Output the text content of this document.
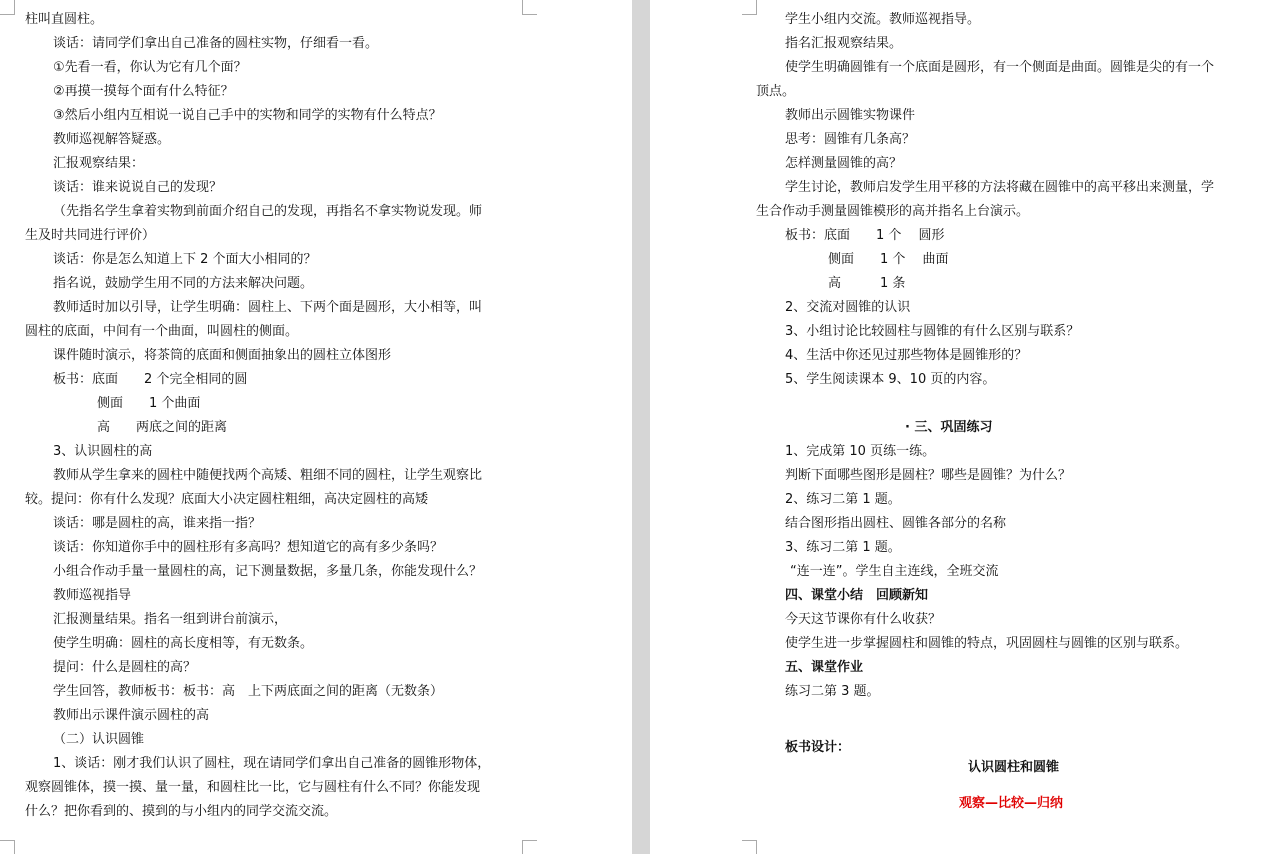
柱叫直圆柱。
谈话：请同学们拿出自己准备的圆柱实物，仔细看一看。
①先看一看，你认为它有几个面？
②再摸一摸每个面有什么特征？
③然后小组内互相说一说自己手中的实物和同学的实物有什么特点？
教师巡视解答疑惑。
汇报观察结果：
谈话：谁来说说自己的发现？
（先指名学生拿着实物到前面介绍自己的发现，再指名不拿实物说发现。师
生及时共同进行评价）
谈话：你是怎么知道上下 2 个面大小相同的？
指名说，鼓励学生用不同的方法来解决问题。
教师适时加以引导，让学生明确：圆柱上、下两个面是圆形，大小相等，叫
圆柱的底面，中间有一个曲面，叫圆柱的侧面。
课件随时演示，将茶筒的底面和侧面抽象出的圆柱立体图形
板书：底面　　2 个完全相同的圆
侧面　　1 个曲面
高　　两底之间的距离
3、认识圆柱的高
教师从学生拿来的圆柱中随便找两个高矮、粗细不同的圆柱，让学生观察比
较。提问：你有什么发现？底面大小决定圆柱粗细，高决定圆柱的高矮
谈话：哪是圆柱的高，谁来指一指？
谈话：你知道你手中的圆柱形有多高吗？想知道它的高有多少条吗？
小组合作动手量一量圆柱的高，记下测量数据，多量几条，你能发现什么？
教师巡视指导
汇报测量结果。指名一组到讲台前演示，
使学生明确：圆柱的高长度相等，有无数条。
提问：什么是圆柱的高？
学生回答，教师板书：板书：高　上下两底面之间的距离（无数条）
教师出示课件演示圆柱的高
（二）认识圆锥
1、谈话：刚才我们认识了圆柱，现在请同学们拿出自己准备的圆锥形物体，
观察圆锥体，摸一摸、量一量，和圆柱比一比，它与圆柱有什么不同？你能发现
什么？把你看到的、摸到的与小组内的同学交流交流。
学生小组内交流。教师巡视指导。
指名汇报观察结果。
使学生明确圆锥有一个底面是圆形，有一个侧面是曲面。圆锥是尖的有一个
顶点。
教师出示圆锥实物课件
思考：圆锥有几条高？
怎样测量圆锥的高？
学生讨论，教师启发学生用平移的方法将藏在圆锥中的高平移出来测量，学
生合作动手测量圆锥模形的高并指名上台演示。
板书：底面　　1 个　 圆形
侧面　　1 个　 曲面
高　　　1 条
2、交流对圆锥的认识
3、小组讨论比较圆柱与圆锥的有什么区别与联系？
4、生活中你还见过那些物体是圆锥形的？
5、学生阅读课本 9、10 页的内容。
· 三、巩固练习
1、完成第 10 页练一练。
判断下面哪些图形是圆柱？哪些是圆锥？为什么？
2、练习二第 1 题。
结合图形指出圆柱、圆锥各部分的名称
3、练习二第 1 题。
“连一连”。学生自主连线，全班交流
四、课堂小结　回顾新知
今天这节课你有什么收获？
使学生进一步掌握圆柱和圆锥的特点，巩固圆柱与圆锥的区别与联系。
五、课堂作业
练习二第 3 题。
板书设计：
认识圆柱和圆锥
观察—比较—归纳
